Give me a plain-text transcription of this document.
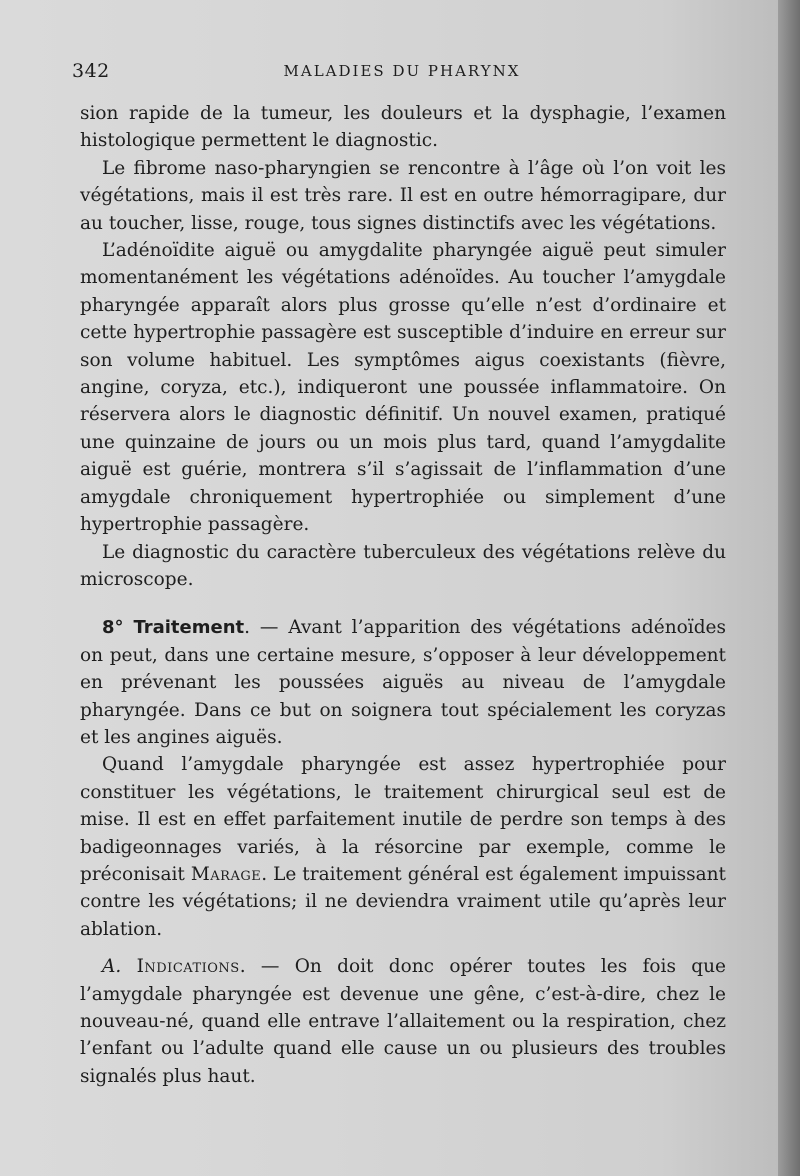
342	MALADIES DU PHARYNX

sion rapide de la tumeur, les douleurs et la dysphagie, l’examen histologique permettent le diagnostic.

Le fibrome naso-pharyngien se rencontre à l’âge où l’on voit les végétations, mais il est très rare. Il est en outre hémorragipare, dur au toucher, lisse, rouge, tous signes distinctifs avec les végétations.

L’adénoïdite aiguë ou amygdalite pharyngée aiguë peut simuler momentanément les végétations adénoïdes. Au toucher l’amygdale pharyngée apparaît alors plus grosse qu’elle n’est d’ordinaire et cette hypertrophie passagère est susceptible d’induire en erreur sur son volume habituel. Les symptômes aigus coexistants (fièvre, angine, coryza, etc.), indiqueront une poussée inflammatoire. On réservera alors le diagnostic définitif. Un nouvel examen, pratiqué une quinzaine de jours ou un mois plus tard, quand l’amygdalite aiguë est guérie, montrera s’il s’agissait de l’inflammation d’une amygdale chroniquement hypertrophiée ou simplement d’une hypertrophie passagère.

Le diagnostic du caractère tuberculeux des végétations relève du microscope.

8° Traitement. — Avant l’apparition des végétations adénoïdes on peut, dans une certaine mesure, s’opposer à leur développement en prévenant les poussées aiguës au niveau de l’amygdale pharyngée. Dans ce but on soignera tout spécialement les coryzas et les angines aiguës.

Quand l’amygdale pharyngée est assez hypertrophiée pour constituer les végétations, le traitement chirurgical seul est de mise. Il est en effet parfaitement inutile de perdre son temps à des badigeonnages variés, à la résorcine par exemple, comme le préconisait Marage. Le traitement général est également impuissant contre les végétations; il ne deviendra vraiment utile qu’après leur ablation.

A. Indications. — On doit donc opérer toutes les fois que l’amygdale pharyngée est devenue une gêne, c’est-à-dire, chez le nouveau-né, quand elle entrave l’allaitement ou la respiration, chez l’enfant ou l’adulte quand elle cause un ou plusieurs des troubles signalés plus haut.
